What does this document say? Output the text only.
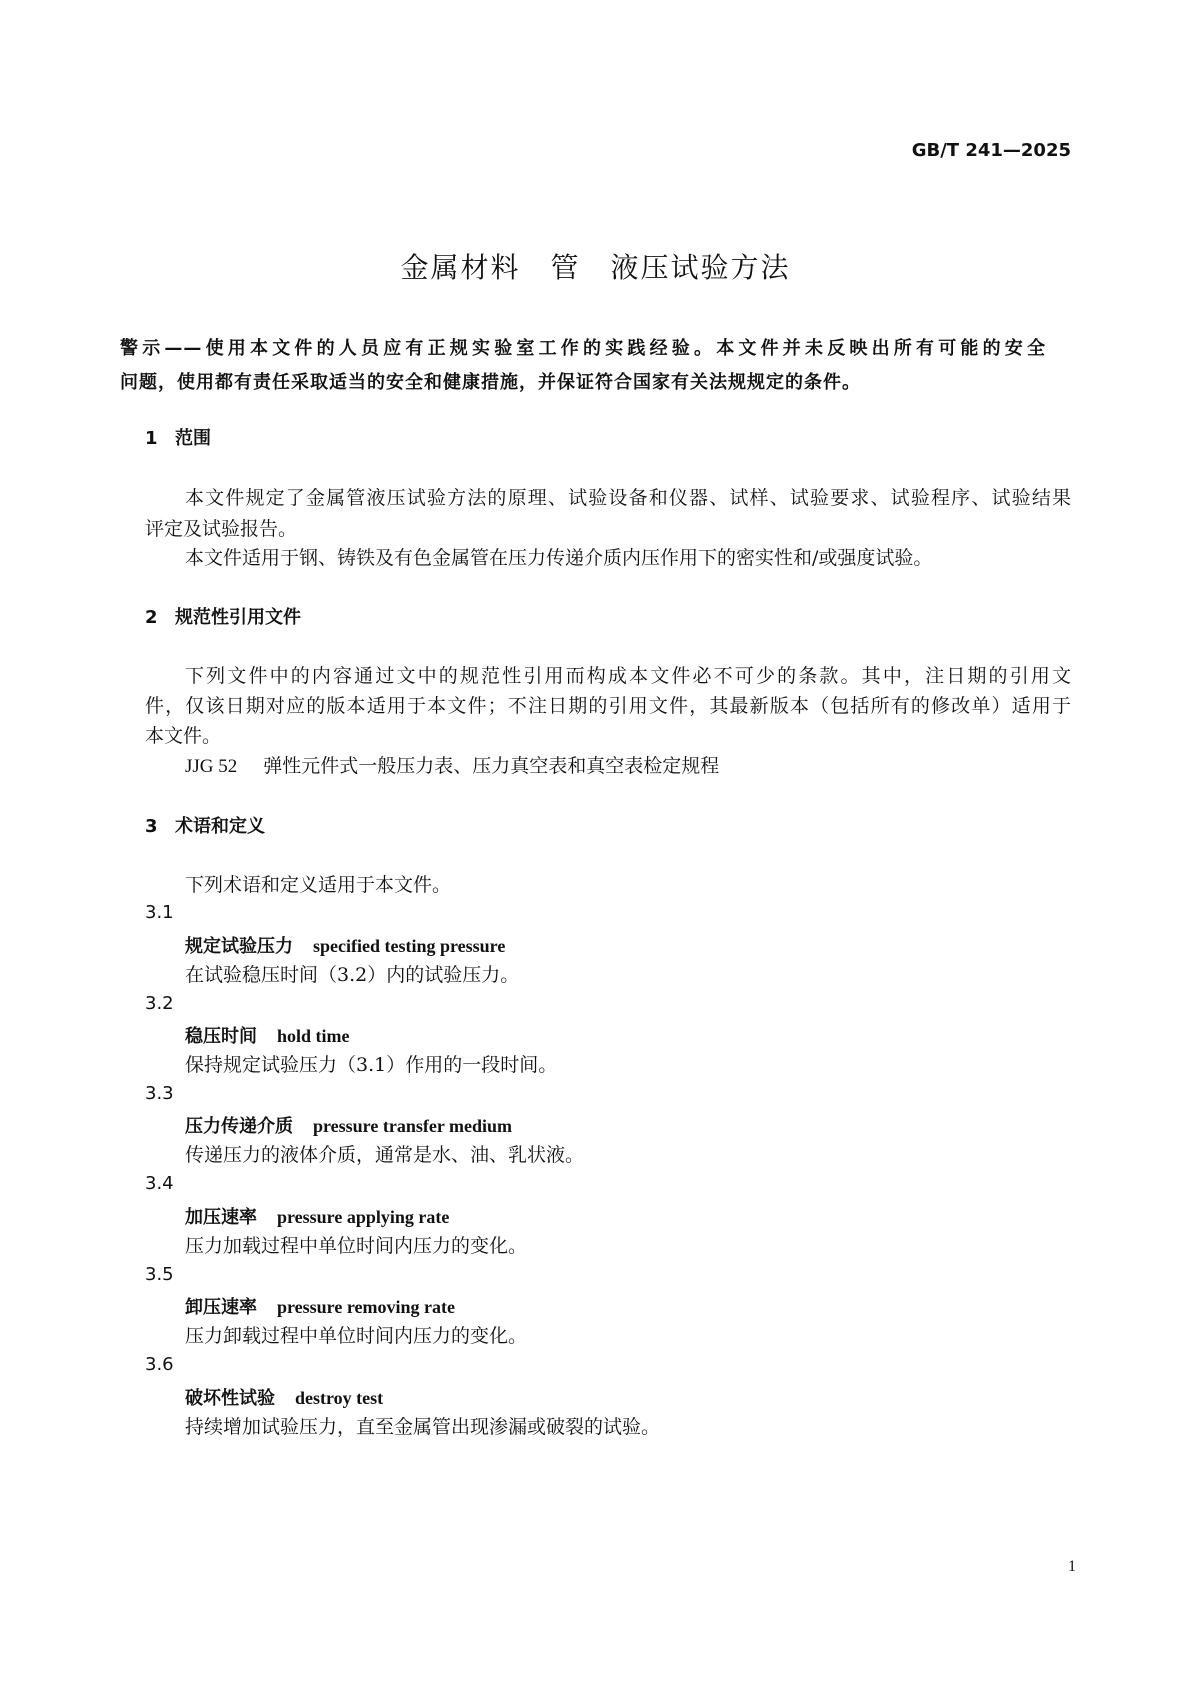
GB/T 241—2025
金属材料　管　液压试验方法
警示——使用本文件的人员应有正规实验室工作的实践经验。本文件并未反映出所有可能的安全
问题，使用都有责任采取适当的安全和健康措施，并保证符合国家有关法规规定的条件。
1 范围
本文件规定了金属管液压试验方法的原理、试验设备和仪器、试样、试验要求、试验程序、试验结果
评定及试验报告。
本文件适用于钢、铸铁及有色金属管在压力传递介质内压作用下的密实性和/或强度试验。
2 规范性引用文件
下列文件中的内容通过文中的规范性引用而构成本文件必不可少的条款。其中，注日期的引用文
件，仅该日期对应的版本适用于本文件；不注日期的引用文件，其最新版本（包括所有的修改单）适用于
本文件。
JJG 52 弹性元件式一般压力表、压力真空表和真空表检定规程
3 术语和定义
下列术语和定义适用于本文件。
3.1
规定试验压力 specified testing pressure
在试验稳压时间（3.2）内的试验压力。
3.2
稳压时间 hold time
保持规定试验压力（3.1）作用的一段时间。
3.3
压力传递介质 pressure transfer medium
传递压力的液体介质，通常是水、油、乳状液。
3.4
加压速率 pressure applying rate
压力加载过程中单位时间内压力的变化。
3.5
卸压速率 pressure removing rate
压力卸载过程中单位时间内压力的变化。
3.6
破坏性试验 destroy test
持续增加试验压力，直至金属管出现渗漏或破裂的试验。
1
